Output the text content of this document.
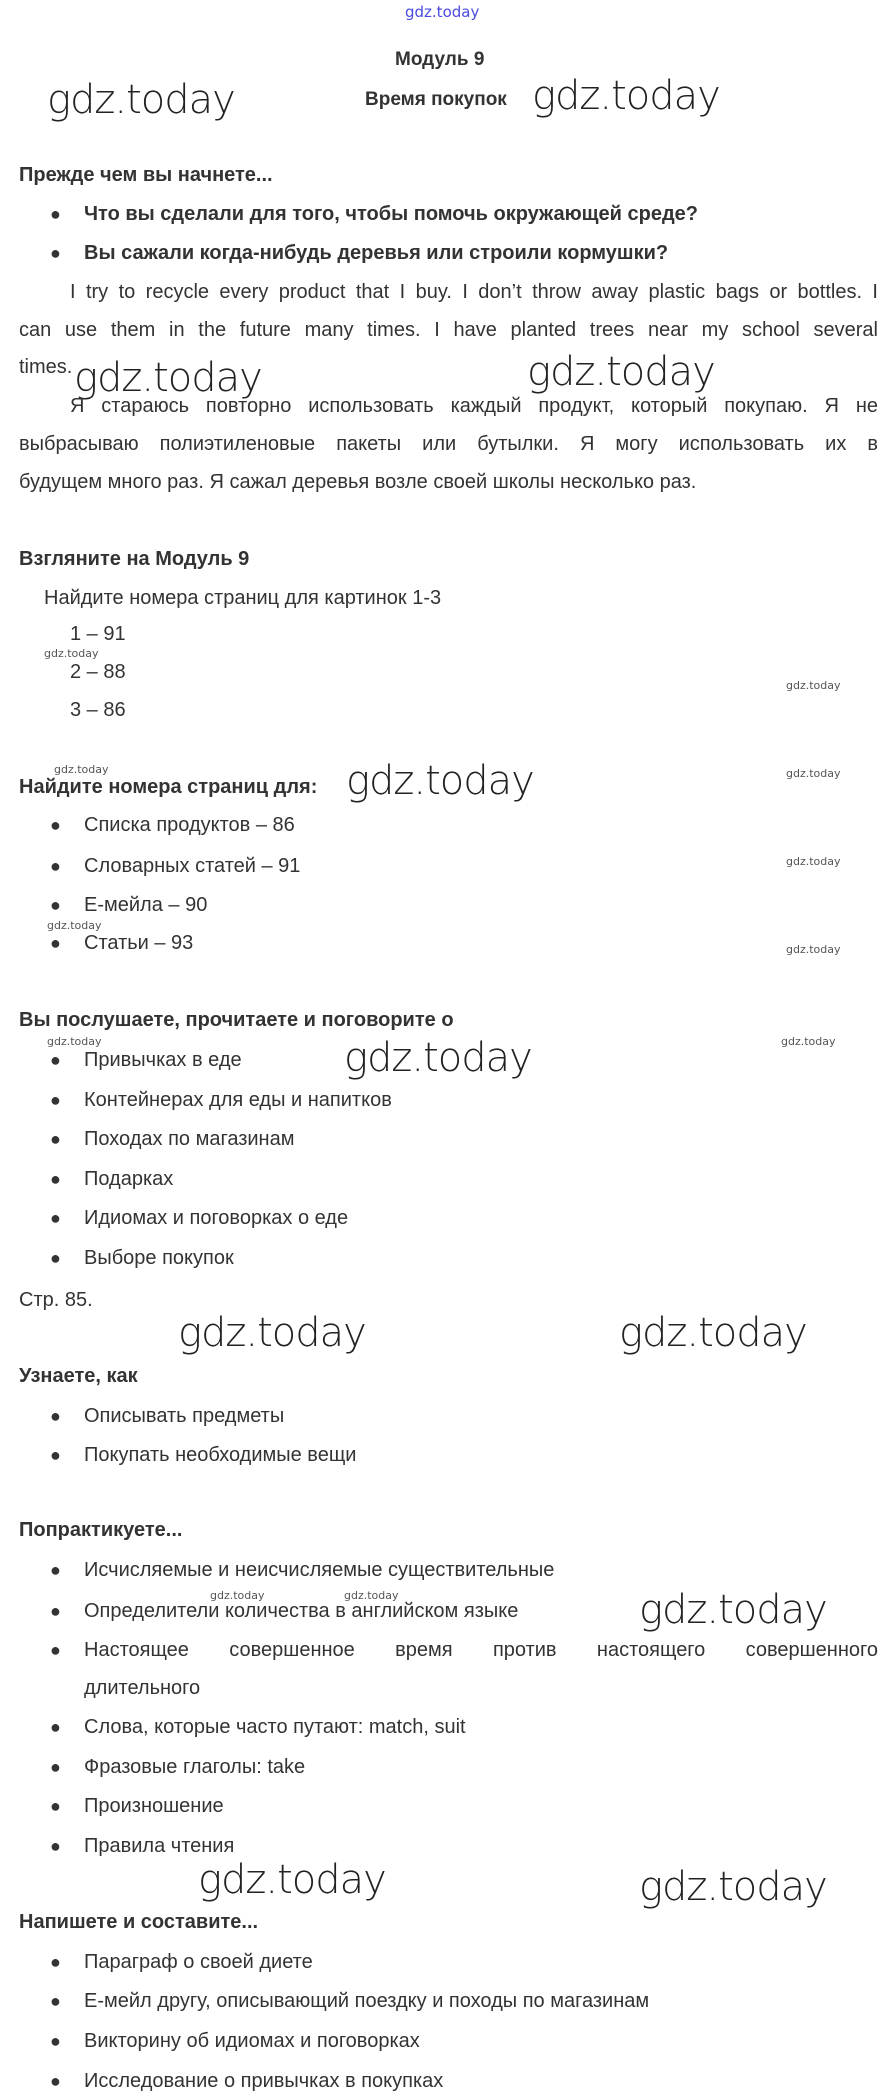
gdz.today
gdz.today	gdz.today
gdz.today	gdz.today
gdz.today
gdz.today
gdz.today	gdz.today
gdz.today
gdz.today	gdz.today
gdz.today
gdz.today
gdz.today	gdz.today
gdz.today
gdz.today
gdz.today
gdz.today	gdz.today
gdz.today	gdz.today
Модуль 9
Время покупок
Прежде чем вы начнете...
● Что вы сделали для того, чтобы помочь окружающей среде?
● Вы сажали когда-нибудь деревья или строили кормушки?
I try to recycle every product that I buy. I don’t throw away plastic bags or bottles. I
can use them in the future many times. I have planted trees near my school several
times.
Я стараюсь повторно использовать каждый продукт, который покупаю. Я не
выбрасываю полиэтиленовые пакеты или бутылки. Я могу использовать их в
будущем много раз. Я сажал деревья возле своей школы несколько раз.
Взгляните на Модуль 9
Найдите номера страниц для картинок 1-3
1 – 91
2 – 88
3 – 86
Найдите номера страниц для:
● Списка продуктов – 86
● Словарных статей – 91
● Е-мейла – 90
● Статьи – 93
Вы послушаете, прочитаете и поговорите о
● Привычках в еде
● Контейнерах для еды и напитков
● Походах по магазинам
● Подарках
● Идиомах и поговорках о еде
● Выборе покупок
Стр. 85.
Узнаете, как
● Описывать предметы
● Покупать необходимые вещи
Попрактикуете...
● Исчисляемые и неисчисляемые существительные
● Определители количества в английском языке
● Настоящее совершенное время против настоящего совершенного
длительного
● Слова, которые часто путают: match, suit
● Фразовые глаголы: take
● Произношение
● Правила чтения
Напишете и составите...
● Параграф о своей диете
● Е-мейл другу, описывающий поездку и походы по магазинам
● Викторину об идиомах и поговорках
● Исследование о привычках в покупках
